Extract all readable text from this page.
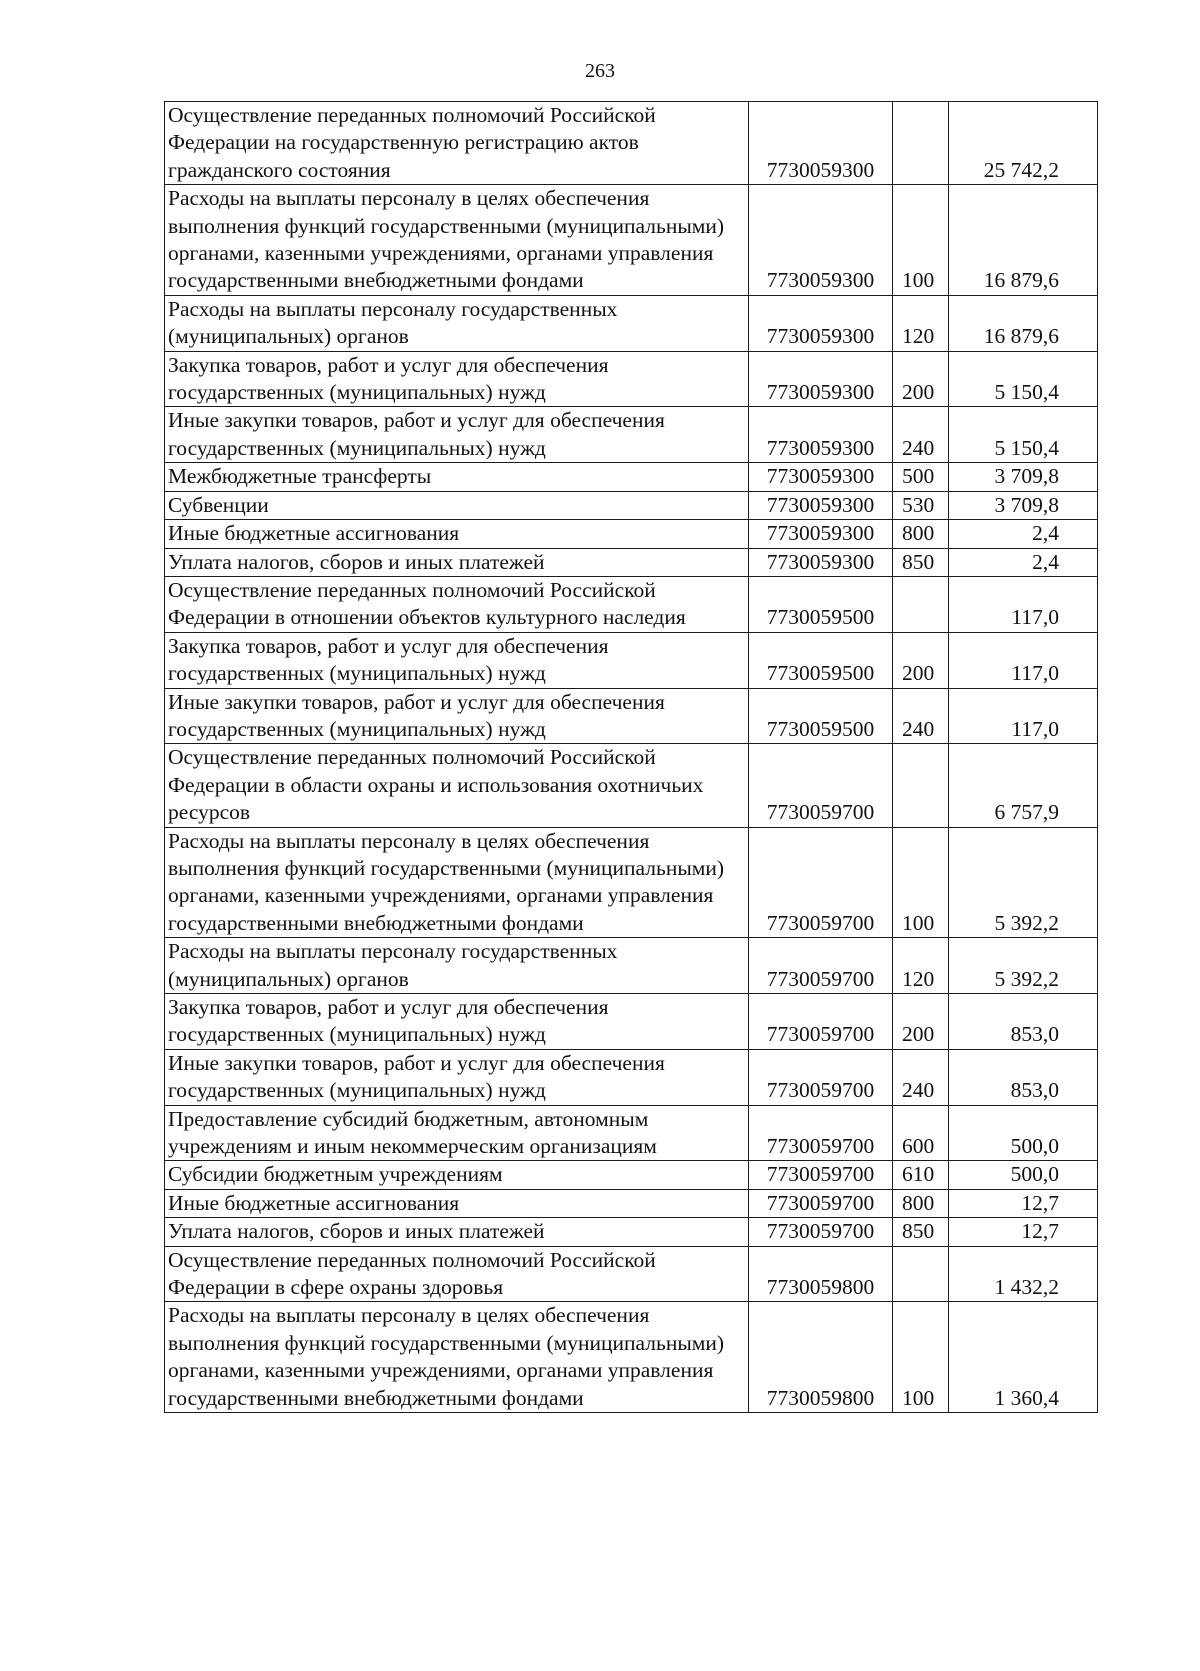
263
Осуществление переданных полномочий Российской Федерации на государственную регистрацию актов гражданского состояния	7730059300		25 742,2
Расходы на выплаты персоналу в целях обеспечения выполнения функций государственными (муниципальными) органами, казенными учреждениями, органами управления государственными внебюджетными фондами	7730059300	100	16 879,6
Расходы на выплаты персоналу государственных (муниципальных) органов	7730059300	120	16 879,6
Закупка товаров, работ и услуг для обеспечения государственных (муниципальных) нужд	7730059300	200	5 150,4
Иные закупки товаров, работ и услуг для обеспечения государственных (муниципальных) нужд	7730059300	240	5 150,4
Межбюджетные трансферты	7730059300	500	3 709,8
Субвенции	7730059300	530	3 709,8
Иные бюджетные ассигнования	7730059300	800	2,4
Уплата налогов, сборов и иных платежей	7730059300	850	2,4
Осуществление переданных полномочий Российской Федерации в отношении объектов культурного наследия	7730059500		117,0
Закупка товаров, работ и услуг для обеспечения государственных (муниципальных) нужд	7730059500	200	117,0
Иные закупки товаров, работ и услуг для обеспечения государственных (муниципальных) нужд	7730059500	240	117,0
Осуществление переданных полномочий Российской Федерации в области охраны и использования охотничьих ресурсов	7730059700		6 757,9
Расходы на выплаты персоналу в целях обеспечения выполнения функций государственными (муниципальными) органами, казенными учреждениями, органами управления государственными внебюджетными фондами	7730059700	100	5 392,2
Расходы на выплаты персоналу государственных (муниципальных) органов	7730059700	120	5 392,2
Закупка товаров, работ и услуг для обеспечения государственных (муниципальных) нужд	7730059700	200	853,0
Иные закупки товаров, работ и услуг для обеспечения государственных (муниципальных) нужд	7730059700	240	853,0
Предоставление субсидий бюджетным, автономным учреждениям и иным некоммерческим организациям	7730059700	600	500,0
Субсидии бюджетным учреждениям	7730059700	610	500,0
Иные бюджетные ассигнования	7730059700	800	12,7
Уплата налогов, сборов и иных платежей	7730059700	850	12,7
Осуществление переданных полномочий Российской Федерации в сфере охраны здоровья	7730059800		1 432,2
Расходы на выплаты персоналу в целях обеспечения выполнения функций государственными (муниципальными) органами, казенными учреждениями, органами управления государственными внебюджетными фондами	7730059800	100	1 360,4
